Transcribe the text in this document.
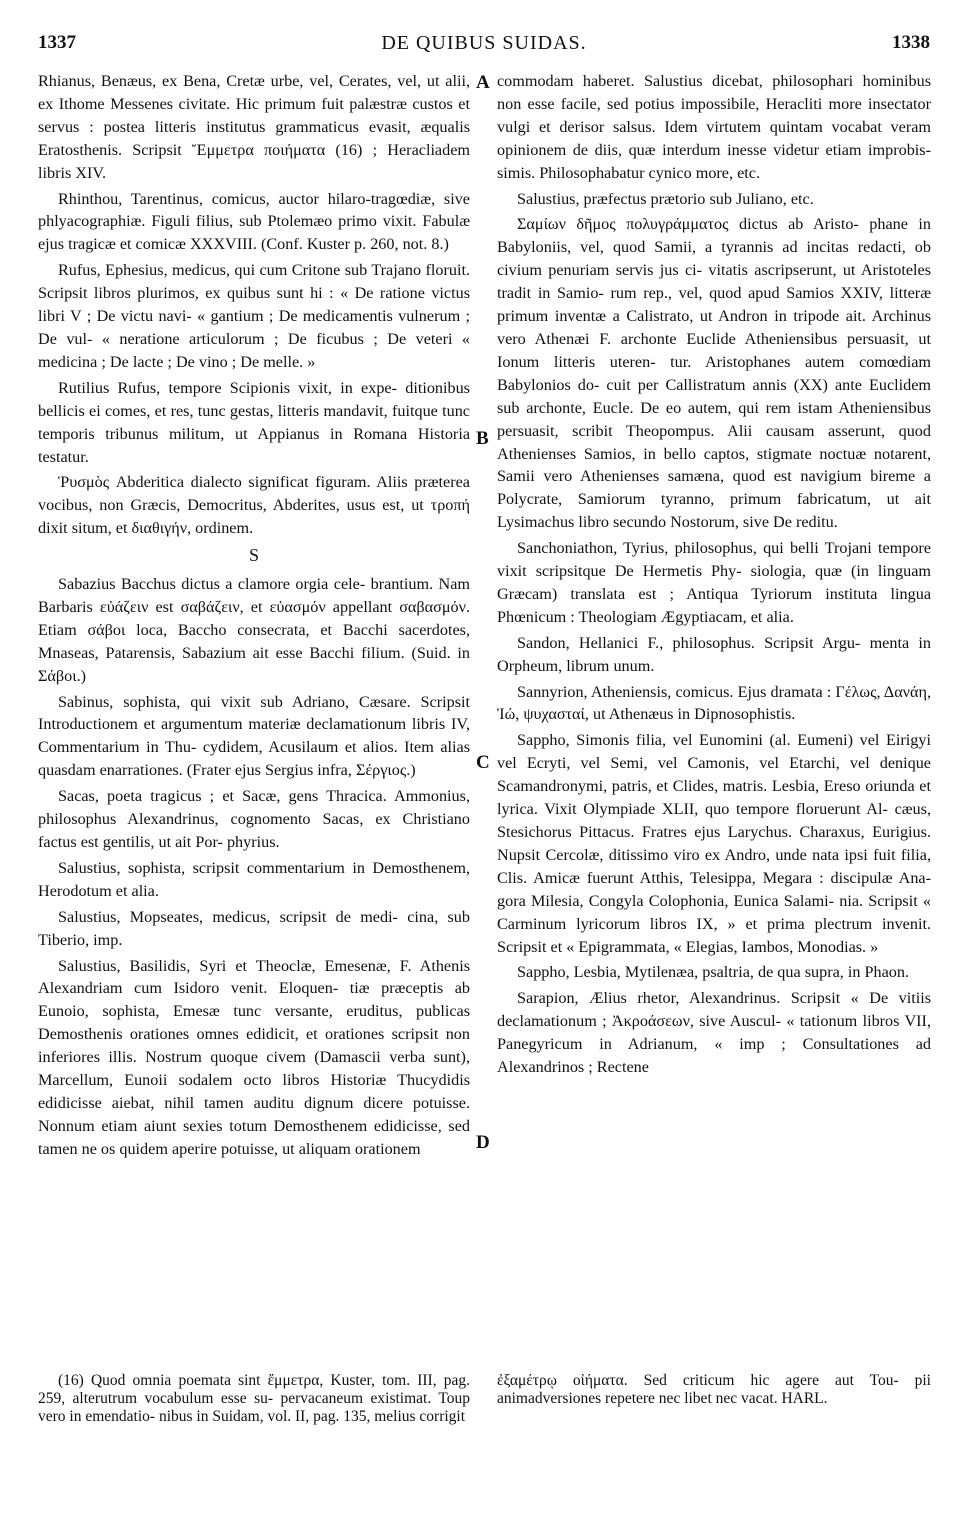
DE QUIBUS SUIDAS.
1337	1338
A
B
C
D

Rhianus, Benæus, ex Bena, Cretæ urbe, vel, Cerates, vel, ut alii, ex Ithome Messenes civitate. Hic primum fuit palæstræ custos et servus : postea litteris institutus grammaticus evasit, æqualis Eratosthenis. Scripsit Ἔμμετρα ποιήματα (16) ; Heracliadem libris XIV.

Rhinthou, Tarentinus, comicus, auctor hilaro-tragœdiæ, sive phlyacographiæ. Figuli filius, sub Ptolemæo primo vixit. Fabulæ ejus tragicæ et comicæ XXXVIII. (Conf. Kuster p. 260, not. 8.)

Rufus, Ephesius, medicus, qui cum Critone sub Trajano floruit. Scripsit libros plurimos, ex quibus sunt hi : « De ratione victus libri V ; De victu navi- « gantium ; De medicamentis vulnerum ; De vul- « neratione articulorum ; De ficubus ; De veteri « medicina ; De lacte ; De vino ; De melle. »

Rutilius Rufus, tempore Scipionis vixit, in expe- ditionibus bellicis ei comes, et res, tunc gestas, litteris mandavit, fuitque tunc temporis tribunus militum, ut Appianus in Romana Historia testatur.

Ῥυσμὸς Abderitica dialecto significat figuram. Aliis præterea vocibus, non Græcis, Democritus, Abderites, usus est, ut τροπή dixit situm, et διαθιγήν, ordinem.

S

Sabazius Bacchus dictus a clamore orgia cele- brantium. Nam Barbaris εὐάζειν est σαβάζειν, et εὐασμόν appellant σαβασμόν. Etiam σάβοι loca, Baccho consecrata, et Bacchi sacerdotes, Mnaseas, Patarensis, Sabazium ait esse Bacchi filium. (Suid. in Σάβοι.)

Sabinus, sophista, qui vixit sub Adriano, Cæsare. Scripsit Introductionem et argumentum materiæ declamationum libris IV, Commentarium in Thu- cydidem, Acusilaum et alios. Item alias quasdam enarrationes. (Frater ejus Sergius infra, Σέργιος.)

Sacas, poeta tragicus ; et Sacæ, gens Thracica. Ammonius, philosophus Alexandrinus, cognomento Sacas, ex Christiano factus est gentilis, ut ait Por- phyrius.

Salustius, sophista, scripsit commentarium in Demosthenem, Herodotum et alia.

Salustius, Mopseates, medicus, scripsit de medi- cina, sub Tiberio, imp.

Salustius, Basilidis, Syri et Theoclæ, Emesenæ, F. Athenis Alexandriam cum Isidoro venit. Eloquen- tiæ præceptis ab Eunoio, sophista, Emesæ tunc versante, eruditus, publicas Demosthenis orationes omnes edidicit, et orationes scripsit non inferiores illis. Nostrum quoque civem (Damascii verba sunt), Marcellum, Eunoii sodalem octo libros Historiæ Thucydidis edidicisse aiebat, nihil tamen auditu dignum dicere potuisse. Nonnum etiam aiunt sexies totum Demosthenem edidicisse, sed tamen ne os quidem aperire potuisse, ut aliquam orationem

commodam haberet. Salustius dicebat, philosophari hominibus non esse facile, sed potius impossibile, Heracliti more insectator vulgi et derisor salsus. Idem virtutem quintam vocabat veram opinionem de diis, quæ interdum inesse videtur etiam improbis- simis. Philosophabatur cynico more, etc.

Salustius, præfectus prætorio sub Juliano, etc.

Σαμίων δῆμος πολυγράμματος dictus ab Aristo- phane in Babyloniis, vel, quod Samii, a tyrannis ad incitas redacti, ob civium penuriam servis jus ci- vitatis ascripserunt, ut Aristoteles tradit in Samio- rum rep., vel, quod apud Samios XXIV, litteræ primum inventæ a Calistrato, ut Andron in tripode ait. Archinus vero Athenæi F. archonte Euclide Atheniensibus persuasit, ut Ionum litteris uteren- tur. Aristophanes autem comœdiam Babylonios do- cuit per Callistratum annis (XX) ante Euclidem sub archonte, Eucle. De eo autem, qui rem istam Atheniensibus persuasit, scribit Theopompus. Alii causam asserunt, quod Athenienses Samios, in bello captos, stigmate noctuæ notarent, Samii vero Athenienses samæna, quod est navigium bireme a Polycrate, Samiorum tyranno, primum fabricatum, ut ait Lysimachus libro secundo Nostorum, sive De reditu.

Sanchoniathon, Tyrius, philosophus, qui belli Trojani tempore vixit scripsitque De Hermetis Phy- siologia, quæ (in linguam Græcam) translata est ; Antiqua Tyriorum instituta lingua Phœnicum : Theologiam Ægyptiacam, et alia.

Sandon, Hellanici F., philosophus. Scripsit Argu- menta in Orpheum, librum unum.

Sannyrion, Atheniensis, comicus. Ejus dramata : Γέλως, Δανάη, Ἰώ, ψυχασταί, ut Athenæus in Dipnosophistis.

Sappho, Simonis filia, vel Eunomini (al. Eumeni) vel Eirigyi vel Ecryti, vel Semi, vel Camonis, vel Etarchi, vel denique Scamandronymi, patris, et Clides, matris. Lesbia, Ereso oriunda et lyrica. Vixit Olympiade XLII, quo tempore floruerunt Al- cæus, Stesichorus Pittacus. Fratres ejus Larychus. Charaxus, Eurigius. Nupsit Cercolæ, ditissimo viro ex Andro, unde nata ipsi fuit filia, Clis. Amicæ fuerunt Atthis, Telesippa, Megara : discipulæ Ana- gora Milesia, Congyla Colophonia, Eunica Salami- nia. Scripsit « Carminum lyricorum libros IX, » et prima plectrum invenit. Scripsit et « Epigrammata, « Elegias, Iambos, Monodias. »

Sappho, Lesbia, Mytilenæa, psaltria, de qua supra, in Phaon.

Sarapion, Ælius rhetor, Alexandrinus. Scripsit « De vitiis declamationum ; Ἀκροάσεων, sive Auscul- « tationum libros VII, Panegyricum in Adrianum, « imp ; Consultationes ad Alexandrinos ; Rectene

(16) Quod omnia poemata sint ἔμμετρα, Kuster, tom. III, pag. 259, alterutrum vocabulum esse su- pervacaneum existimat. Toup vero in emendatio- nibus in Suidam, vol. II, pag. 135, melius corrigit
ἐξαμέτρῳ οἰήματα. Sed criticum hic agere aut Tou- pii animadversiones repetere nec libet nec vacat. HARL.
